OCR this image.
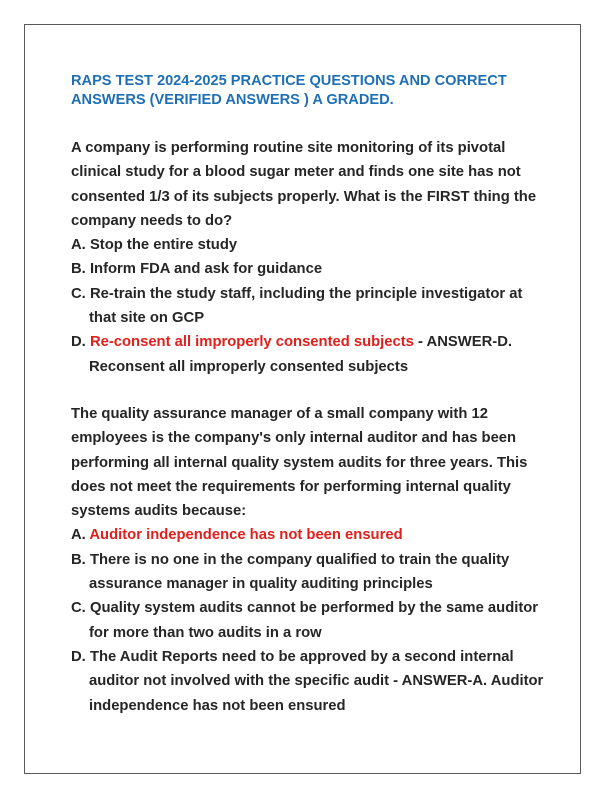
RAPS TEST 2024-2025 PRACTICE QUESTIONS AND CORRECT ANSWERS (VERIFIED ANSWERS ) A GRADED.

A company is performing routine site monitoring of its pivotal clinical study for a blood sugar meter and finds one site has not consented 1/3 of its subjects properly. What is the FIRST thing the company needs to do?

A. Stop the entire study
B. Inform FDA and ask for guidance
C. Re-train the study staff, including the principle investigator at that site on GCP
D. Re-consent all improperly consented subjects - ANSWER-D. Reconsent all improperly consented subjects

The quality assurance manager of a small company with 12 employees is the company's only internal auditor and has been performing all internal quality system audits for three years. This does not meet the requirements for performing internal quality systems audits because:

A. Auditor independence has not been ensured
B. There is no one in the company qualified to train the quality assurance manager in quality auditing principles
C. Quality system audits cannot be performed by the same auditor for more than two audits in a row
D. The Audit Reports need to be approved by a second internal auditor not involved with the specific audit - ANSWER-A. Auditor independence has not been ensured
